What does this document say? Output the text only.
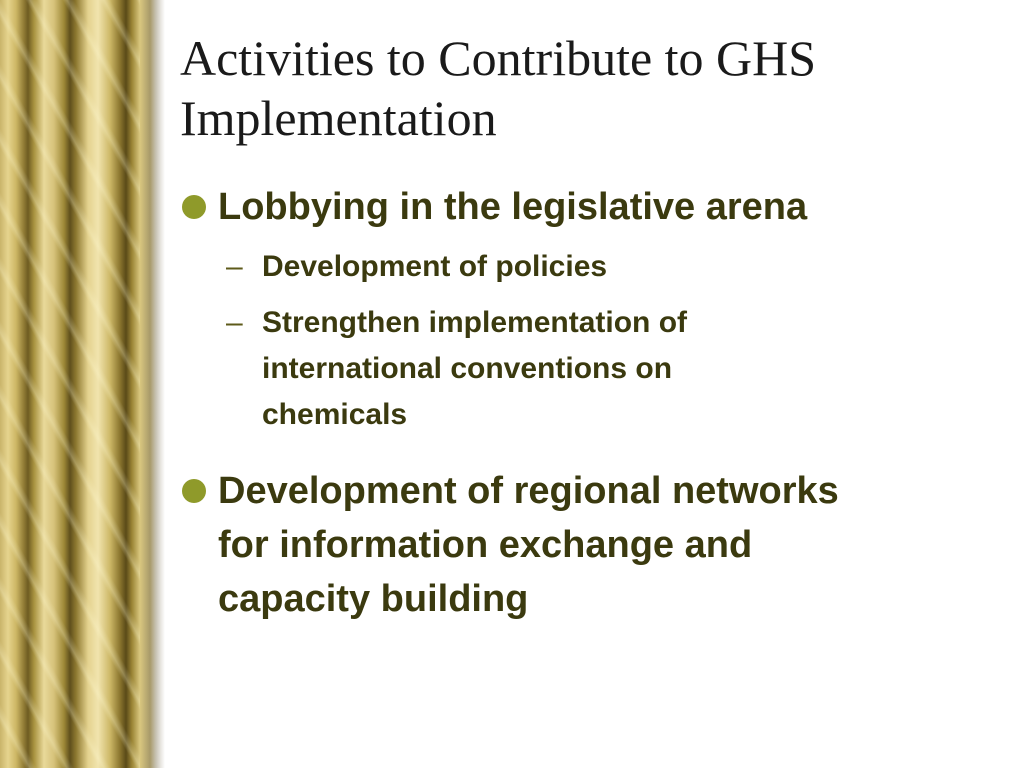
Activities to Contribute to GHS
Implementation
Lobbying in the legislative arena
– Development of policies
– Strengthen implementation of
international conventions on
chemicals
Development of regional networks
for information exchange and
capacity building
